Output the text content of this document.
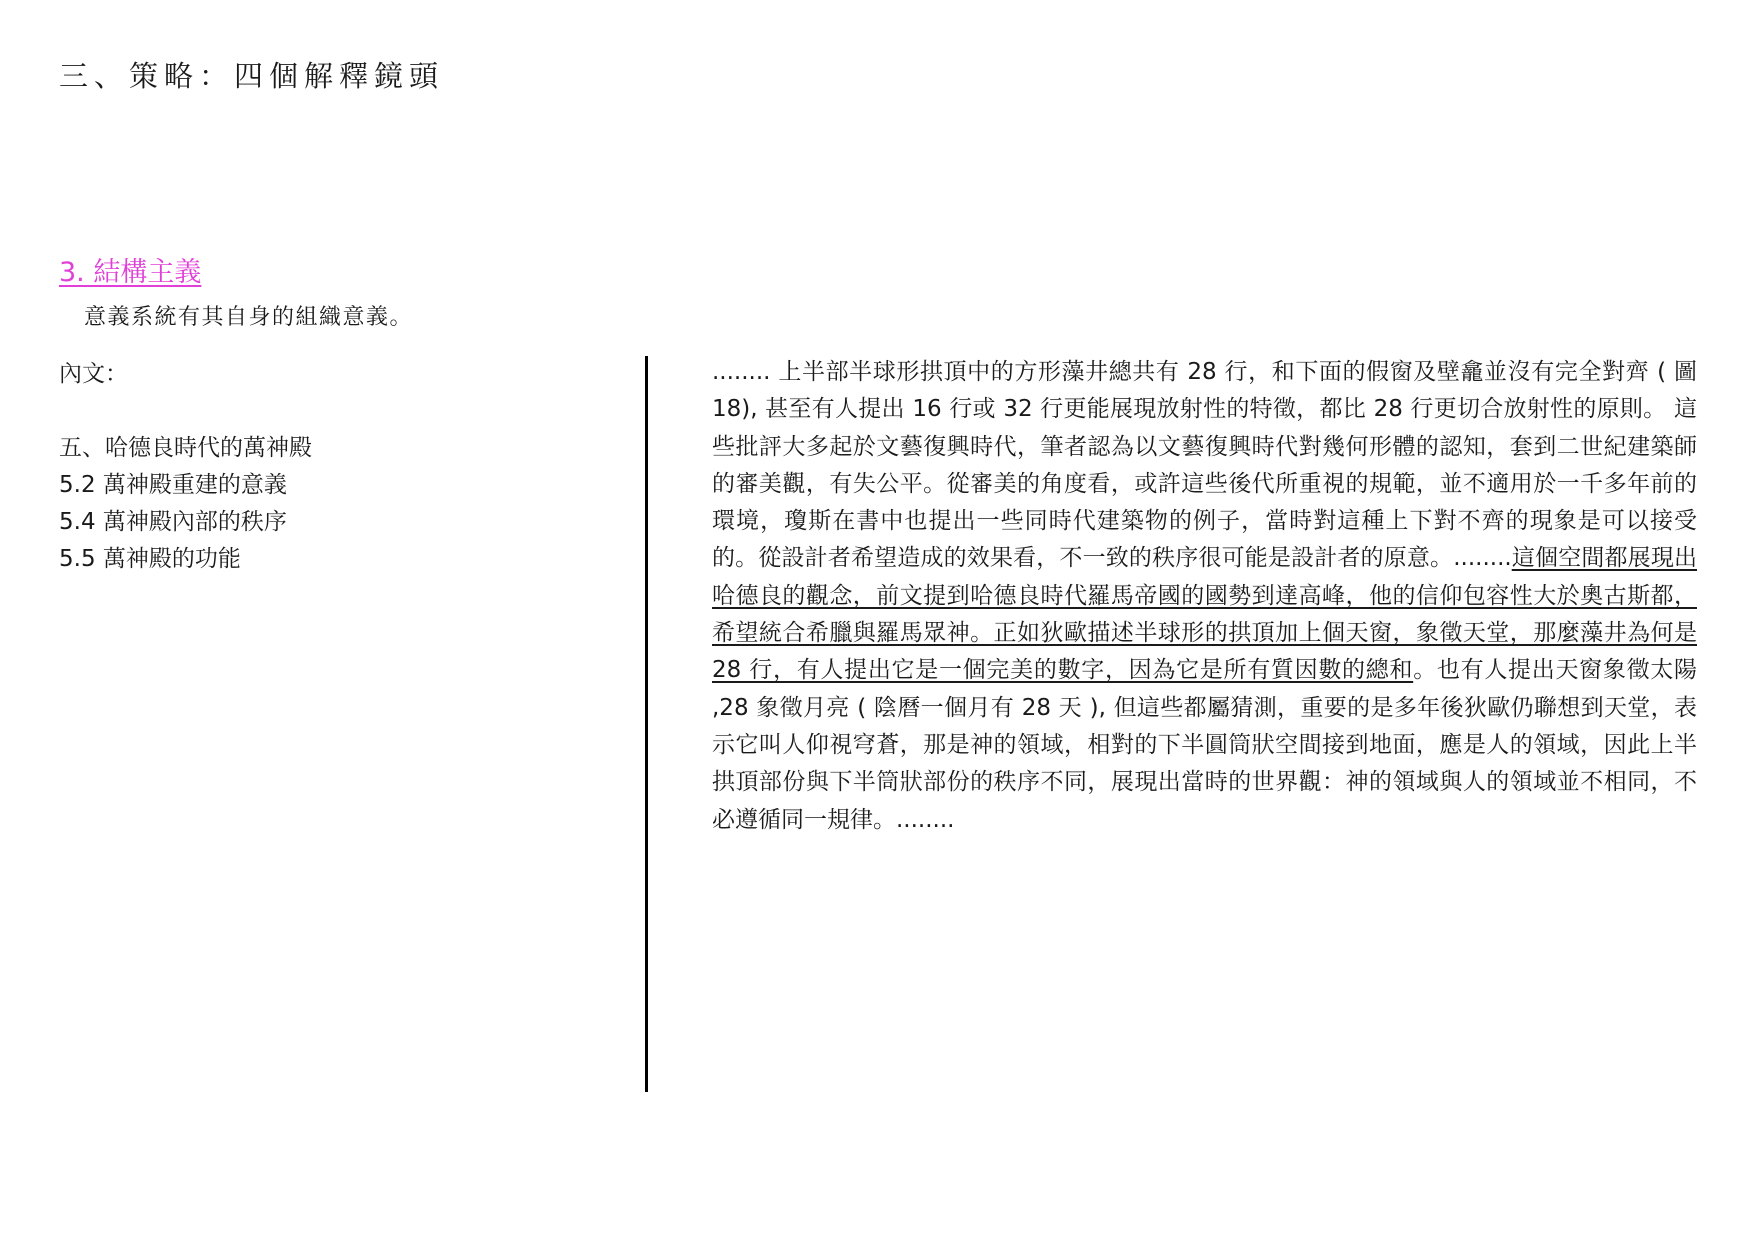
三、策略：四個解釋鏡頭
3. 結構主義
意義系統有其自身的組織意義。
內文：
五、哈德良時代的萬神殿
5.2 萬神殿重建的意義
5.4 萬神殿內部的秩序
5.5 萬神殿的功能
........ 上半部半球形拱頂中的方形藻井總共有 28 行，和下面的假窗及壁龕並沒有完全對齊 ( 圖 18), 甚至有人提出 16 行或 32 行更能展現放射性的特徵，都比 28 行更切合放射性的原則。 這些批評大多起於文藝復興時代，筆者認為以文藝復興時代對幾何形體的認知，套到二世紀建築師的審美觀，有失公平。從審美的角度看，或許這些後代所重視的規範，並不適用於一千多年前的環境，瓊斯在書中也提出一些同時代建築物的例子，當時對這種上下對不齊的現象是可以接受的。從設計者希望造成的效果看，不一致的秩序很可能是設計者的原意。........這個空間都展現出哈德良的觀念，前文提到哈德良時代羅馬帝國的國勢到達高峰，他的信仰包容性大於奧古斯都，希望統合希臘與羅馬眾神。正如狄歐描述半球形的拱頂加上個天窗，象徵天堂，那麼藻井為何是 28 行，有人提出它是一個完美的數字，因為它是所有質因數的總和。也有人提出天窗象徵太陽 ,28 象徵月亮 ( 陰曆一個月有 28 天 ), 但這些都屬猜測，重要的是多年後狄歐仍聯想到天堂，表示它叫人仰視穹蒼，那是神的領域，相對的下半圓筒狀空間接到地面，應是人的領域，因此上半拱頂部份與下半筒狀部份的秩序不同，展現出當時的世界觀：神的領域與人的領域並不相同，不必遵循同一規律。........
